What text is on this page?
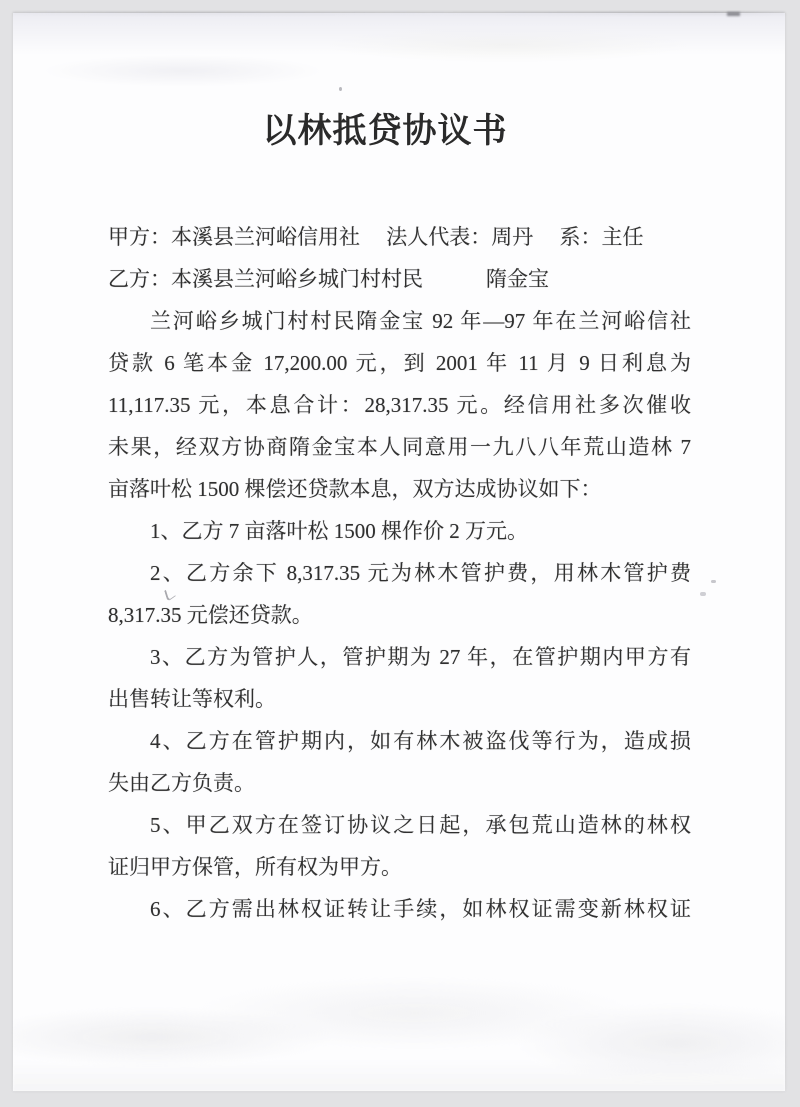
以林抵贷协议书
甲方：本溪县兰河峪信用社　 法人代表：周丹　 系：主任
乙方：本溪县兰河峪乡城门村村民　　　隋金宝
兰河峪乡城门村村民隋金宝 92 年—97 年在兰河峪信社
贷款 6 笔本金 17,200.00 元，到 2001 年 11 月 9 日利息为
11,117.35 元，本息合计：28,317.35 元。经信用社多次催收
未果，经双方协商隋金宝本人同意用一九八八年荒山造林 7
亩落叶松 1500 棵偿还贷款本息，双方达成协议如下：
1、乙方 7 亩落叶松 1500 棵作价 2 万元。
2、乙方余下 8,317.35 元为林木管护费，用林木管护费
8,317.35 元偿还贷款。
3、乙方为管护人，管护期为 27 年，在管护期内甲方有
出售转让等权利。
4、乙方在管护期内，如有林木被盗伐等行为，造成损
失由乙方负责。
5、甲乙双方在签订协议之日起，承包荒山造林的林权
证归甲方保管，所有权为甲方。
6、乙方需出林权证转让手续，如林权证需变新林权证
